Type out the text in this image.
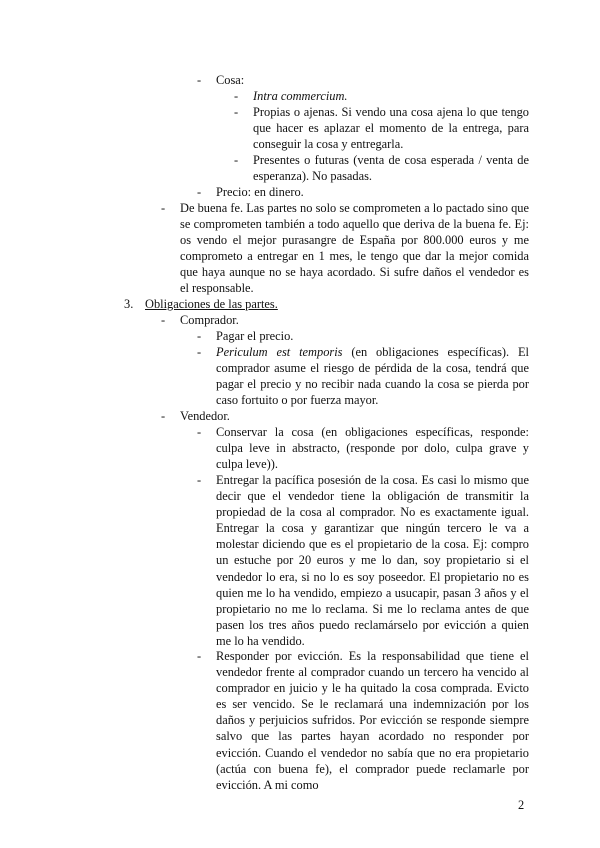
- Cosa:
- Intra commercium.
- Propias o ajenas. Si vendo una cosa ajena lo que tengo que hacer es aplazar el momento de la entrega, para conseguir la cosa y entregarla.
- Presentes o futuras (venta de cosa esperada / venta de esperanza). No pasadas.
- Precio: en dinero.
- De buena fe. Las partes no solo se comprometen a lo pactado sino que se comprometen también a todo aquello que deriva de la buena fe. Ej: os vendo el mejor purasangre de España por 800.000 euros y me comprometo a entregar en 1 mes, le tengo que dar la mejor comida que haya aunque no se haya acordado. Si sufre daños el vendedor es el responsable.
3. Obligaciones de las partes.
- Comprador.
- Pagar el precio.
- Periculum est temporis (en obligaciones específicas). El comprador asume el riesgo de pérdida de la cosa, tendrá que pagar el precio y no recibir nada cuando la cosa se pierda por caso fortuito o por fuerza mayor.
- Vendedor.
- Conservar la cosa (en obligaciones específicas, responde: culpa leve in abstracto, (responde por dolo, culpa grave y culpa leve)).
- Entregar la pacífica posesión de la cosa. Es casi lo mismo que decir que el vendedor tiene la obligación de transmitir la propiedad de la cosa al comprador. No es exactamente igual. Entregar la cosa y garantizar que ningún tercero le va a molestar diciendo que es el propietario de la cosa. Ej: compro un estuche por 20 euros y me lo dan, soy propietario si el vendedor lo era, si no lo es soy poseedor. El propietario no es quien me lo ha vendido, empiezo a usucapir, pasan 3 años y el propietario no me lo reclama. Si me lo reclama antes de que pasen los tres años puedo reclamárselo por evicción a quien me lo ha vendido.
- Responder por evicción. Es la responsabilidad que tiene el vendedor frente al comprador cuando un tercero ha vencido al comprador en juicio y le ha quitado la cosa comprada. Evicto es ser vencido. Se le reclamará una indemnización por los daños y perjuicios sufridos. Por evicción se responde siempre salvo que las partes hayan acordado no responder por evicción. Cuando el vendedor no sabía que no era propietario (actúa con buena fe), el comprador puede reclamarle por evicción. A mi como
2
